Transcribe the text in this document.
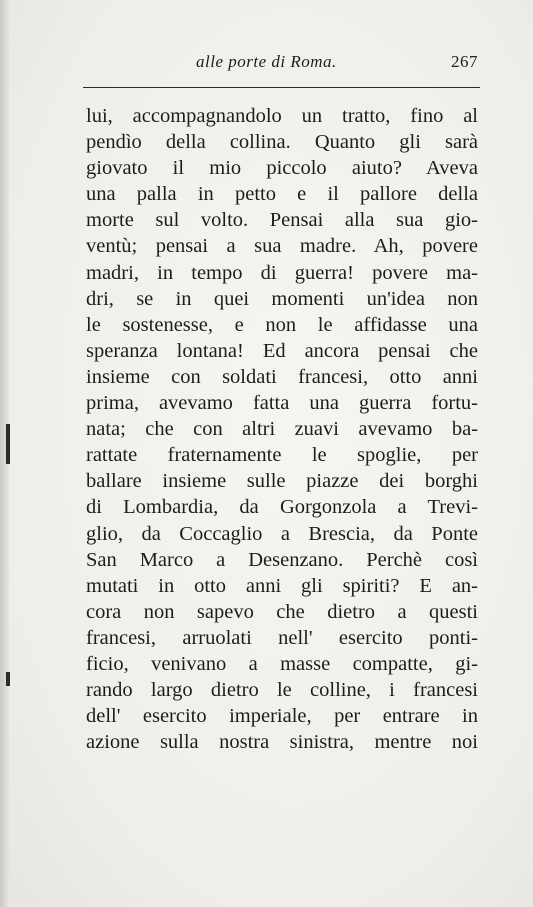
alle porte di Roma.	267
lui, accompagnandolo un tratto, fino al
pendìo della collina. Quanto gli sarà
giovato il mio piccolo aiuto? Aveva
una palla in petto e il pallore della
morte sul volto. Pensai alla sua gio-
ventù; pensai a sua madre. Ah, povere
madri, in tempo di guerra! povere ma-
dri, se in quei momenti un'idea non
le sostenesse, e non le affidasse una
speranza lontana! Ed ancora pensai che
insieme con soldati francesi, otto anni
prima, avevamo fatta una guerra fortu-
nata; che con altri zuavi avevamo ba-
rattate fraternamente le spoglie, per
ballare insieme sulle piazze dei borghi
di Lombardia, da Gorgonzola a Trevi-
glio, da Coccaglio a Brescia, da Ponte
San Marco a Desenzano. Perchè così
mutati in otto anni gli spiriti? E an-
cora non sapevo che dietro a questi
francesi, arruolati nell' esercito ponti-
ficio, venivano a masse compatte, gi-
rando largo dietro le colline, i francesi
dell' esercito imperiale, per entrare in
azione sulla nostra sinistra, mentre noi
